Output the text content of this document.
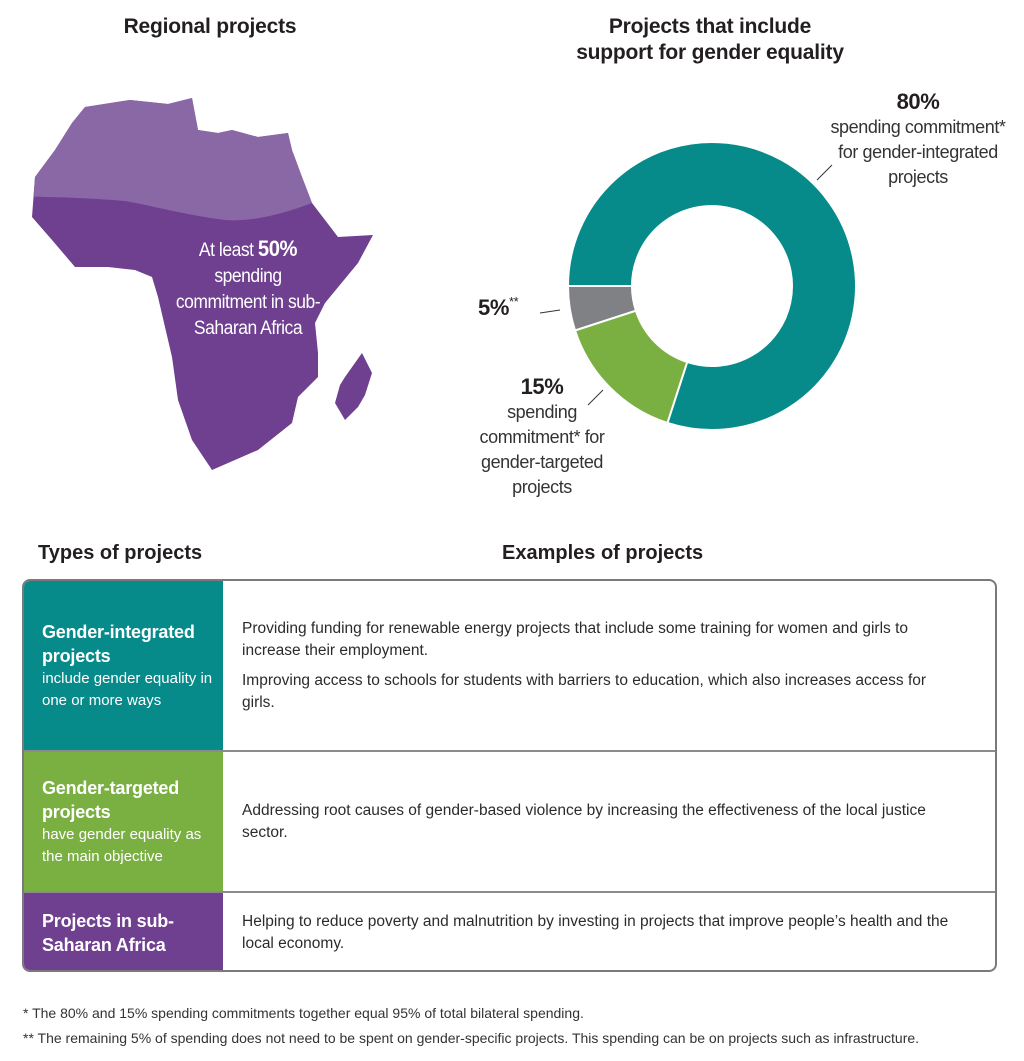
Regional projects
At least 50%
spending commitment in sub-Saharan Africa
Projects that include
support for gender equality
80%
spending commitment* for gender-integrated projects
15%
spending commitment* for gender-targeted projects
5%**
Types of projects	Examples of projects
Gender-integrated projects
include gender equality in one or more ways

Providing funding for renewable energy projects that include some training for women and girls to increase their employment.

Improving access to schools for students with barriers to education, which also increases access for girls.

Gender-targeted projects
have gender equality as the main objective

Addressing root causes of gender-based violence by increasing the effectiveness of the local justice sector.

Projects in sub-Saharan Africa

Helping to reduce poverty and malnutrition by investing in projects that improve people’s health and the local economy.

* The 80% and 15% spending commitments together equal 95% of total bilateral spending.
** The remaining 5% of spending does not need to be spent on gender-specific projects. This spending can be on projects such as infrastructure.
